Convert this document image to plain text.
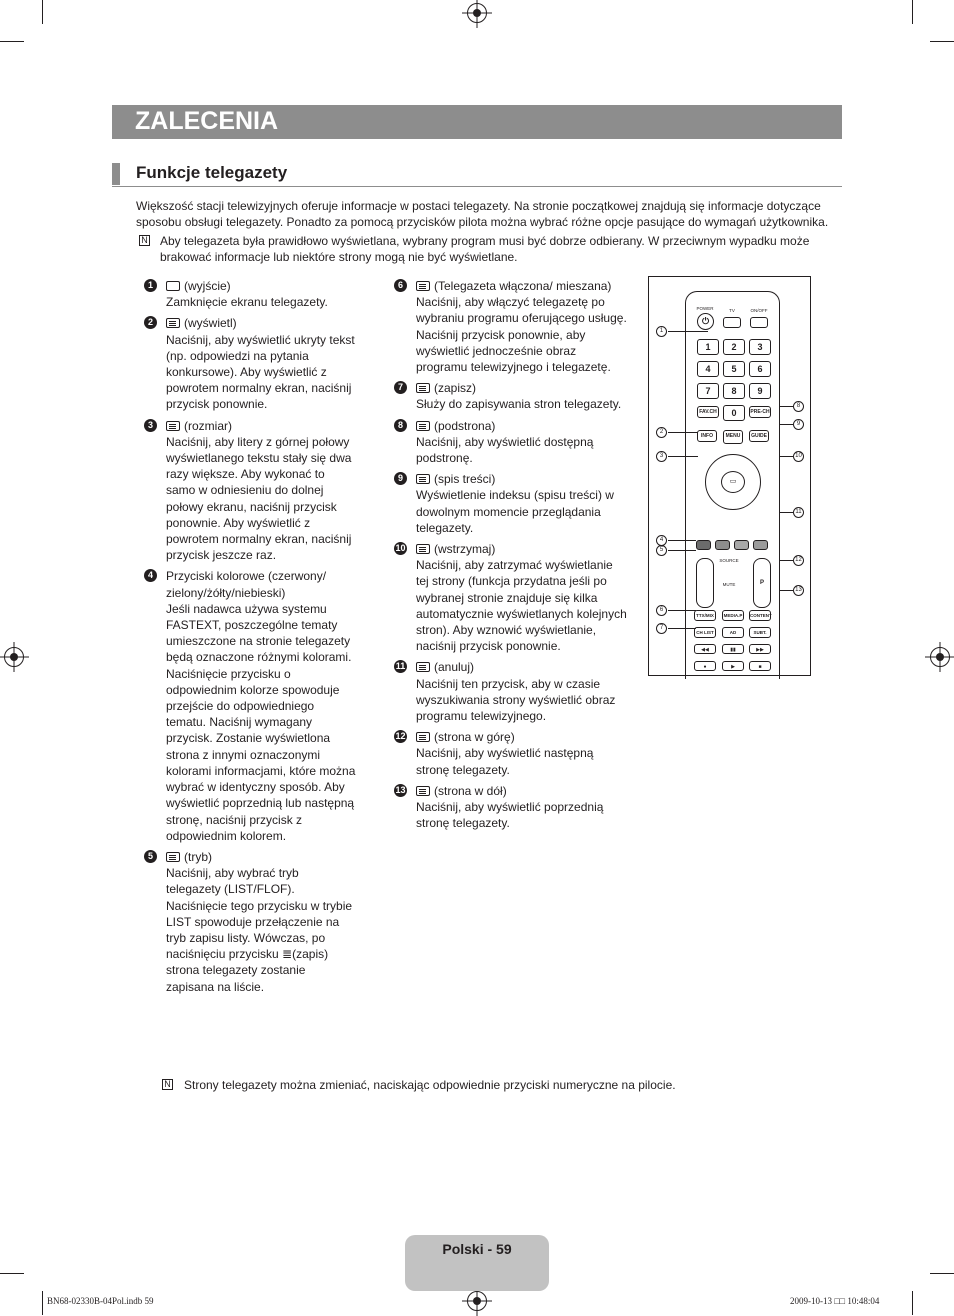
ZALECENIA
Funkcje telegazety
Większość stacji telewizyjnych oferuje informacje w postaci telegazety. Na stronie początkowej znajdują się informacje dotyczące sposobu obsługi telegazety. Ponadto za pomocą przycisków pilota można wybrać różne opcje pasujące do wymagań użytkownika.
N
Aby telegazeta była prawidłowo wyświetlana, wybrany program musi być dobrze odbierany. W przeciwnym wypadku może brakować informacje lub niektóre strony mogą nie być wyświetlane.
1	(wyjście)
Zamknięcie ekranu telegazety.
2	(wyświetl)
Naciśnij, aby wyświetlić ukryty tekst (np. odpowiedzi na pytania konkursowe). Aby wyświetlić z powrotem normalny ekran, naciśnij przycisk ponownie.
3	(rozmiar)
Naciśnij, aby litery z górnej połowy wyświetlanego tekstu stały się dwa razy większe. Aby wykonać to samo w odniesieniu do dolnej połowy ekranu, naciśnij przycisk ponownie. Aby wyświetlić z powrotem normalny ekran, naciśnij przycisk jeszcze raz.
4	Przyciski kolorowe (czerwony/ zielony/żółty/niebieski)
Jeśli nadawca używa systemu FASTEXT, poszczególne tematy umieszczone na stronie telegazety będą oznaczone różnymi kolorami. Naciśnięcie przycisku o odpowiednim kolorze spowoduje przejście do odpowiedniego tematu. Naciśnij wymagany przycisk. Zostanie wyświetlona strona z innymi oznaczonymi kolorami informacjami, które można wybrać w identyczny sposób. Aby wyświetlić poprzednią lub następną stronę, naciśnij przycisk z odpowiednim kolorem.
5	(tryb)
Naciśnij, aby wybrać tryb telegazety (LIST/FLOF). Naciśnięcie tego przycisku w trybie LIST spowoduje przełączenie na tryb zapisu listy. Wówczas, po naciśnięciu przycisku ≣(zapis) strona telegazety zostanie zapisana na liście.
6	(Telegazeta włączona/ mieszana)
Naciśnij, aby włączyć telegazetę po wybraniu programu oferującego usługę. Naciśnij przycisk ponownie, aby wyświetlić jednocześnie obraz programu telewizyjnego i telegazetę.
7	(zapisz)
Służy do zapisywania stron telegazety.
8	(podstrona)
Naciśnij, aby wyświetlić dostępną podstronę.
9	(spis treści)
Wyświetlenie indeksu (spisu treści) w dowolnym momencie przeglądania telegazety.
10	(wstrzymaj)
Naciśnij, aby zatrzymać wyświetlanie tej strony (funkcja przydatna jeśli po wybranej stronie znajduje się kilka automatycznie wyświetlanych kolejnych stron). Aby wznowić wyświetlanie, naciśnij przycisk ponownie.
11	(anuluj)
Naciśnij ten przycisk, aby w czasie wyszukiwania strony wyświetlić obraz programu telewizyjnego.
12	(strona w górę)
Naciśnij, aby wyświetlić następną stronę telegazety.
13	(strona w dół)
Naciśnij, aby wyświetlić poprzednią stronę telegazety.
POWER	TV	ON/OFF
⏻
1	2	3
4	5	6
7	8	9
FAV.CH	0	PRE-CH
INFO	MENU	GUIDE
▭
SOURCE
MUTE	P
TTX/MIX	MEDIA.P	CONTENT
CH LIST	AD	SUBT.
◀◀	▮▮	▶▶
●	▶	■
1
2
3
4
5
6
7
8
9
10
11
12
13
N
Strony telegazety można zmieniać, naciskając odpowiednie przyciski numeryczne na pilocie.
Polski - 59
BN68-02330B-04Pol.indb 59	2009-10-13 □□ 10:48:04
